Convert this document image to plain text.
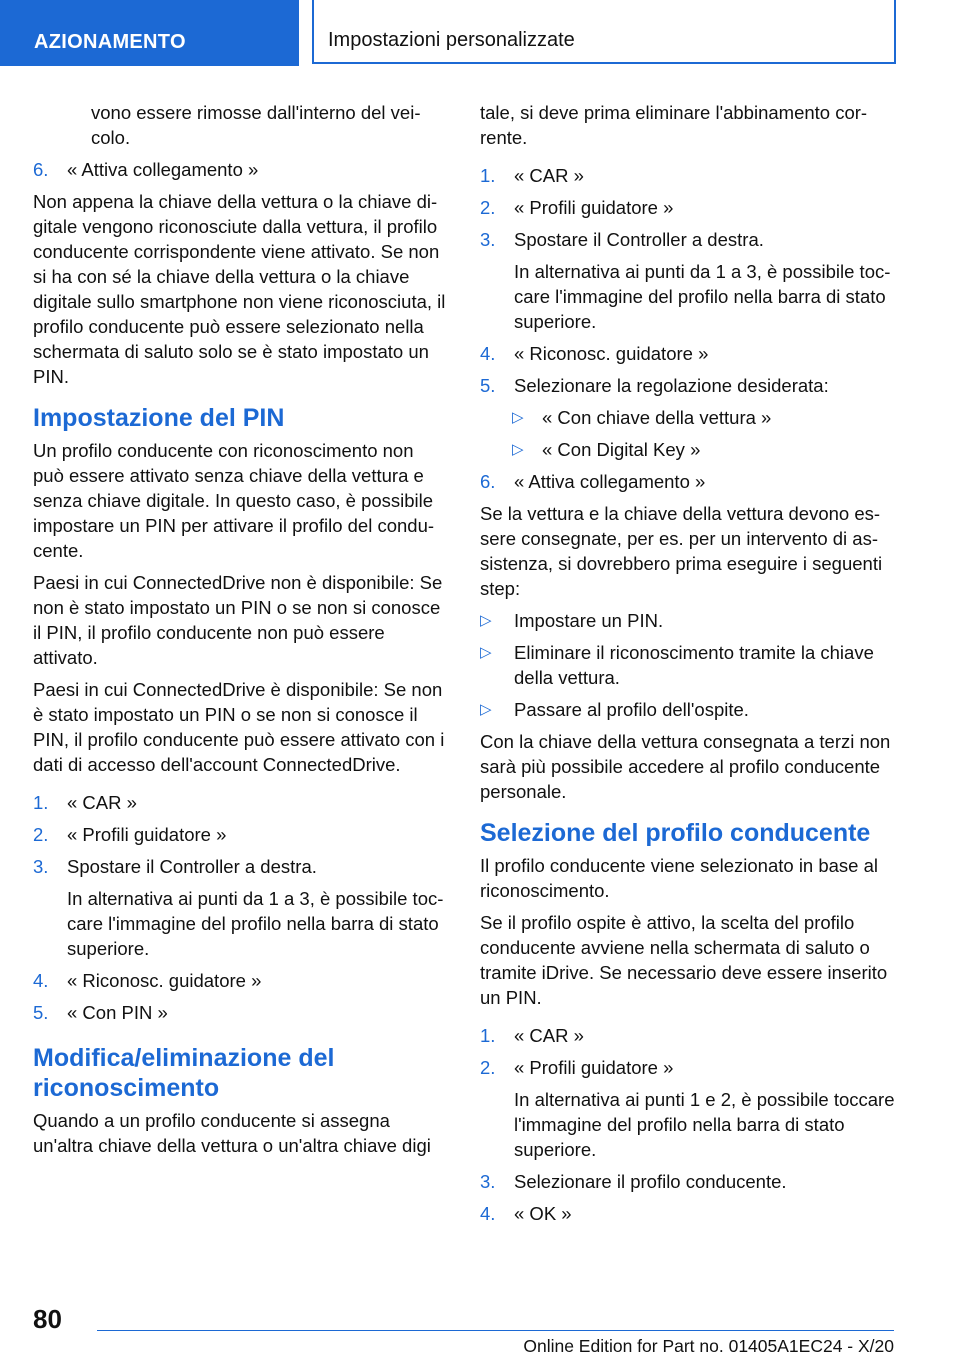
AZIONAMENTO	Impostazioni personalizzate
vono essere rimosse dall'interno del veicolo.
6. « Attiva collegamento »

Non appena la chiave della vettura o la chiave digitale vengono riconosciute dalla vettura, il profilo conducente corrispondente viene attivato. Se non si ha con sé la chiave della vettura o la chiave digitale sullo smartphone non viene riconosciuta, il profilo conducente può essere selezionato nella schermata di saluto solo se è stato impostato un PIN.

Impostazione del PIN

Un profilo conducente con riconoscimento non può essere attivato senza chiave della vettura e senza chiave digitale. In questo caso, è possibile impostare un PIN per attivare il profilo del conducente.

Paesi in cui ConnectedDrive non è disponibile: Se non è stato impostato un PIN o se non si conosce il PIN, il profilo conducente non può essere attivato.

Paesi in cui ConnectedDrive è disponibile: Se non è stato impostato un PIN o se non si conosce il PIN, il profilo conducente può essere attivato con i dati di accesso dell'account ConnectedDrive.

1. « CAR »
2. « Profili guidatore »
3. Spostare il Controller a destra.
In alternativa ai punti da 1 a 3, è possibile toccare l'immagine del profilo nella barra di stato superiore.
4. « Riconosc. guidatore »
5. « Con PIN »
Modifica/eliminazione del riconoscimento

Quando a un profilo conducente si assegna un'altra chiave della vettura o un'altra chiave digi

tale, si deve prima eliminare l'abbinamento corrente.

1. « CAR »
2. « Profili guidatore »
3. Spostare il Controller a destra.
In alternativa ai punti da 1 a 3, è possibile toccare l'immagine del profilo nella barra di stato superiore.
4. « Riconosc. guidatore »
5. Selezionare la regolazione desiderata:
▷ « Con chiave della vettura »
▷ « Con Digital Key »
6. « Attiva collegamento »

Se la vettura e la chiave della vettura devono essere consegnate, per es. per un intervento di assistenza, si dovrebbero prima eseguire i seguenti step:

▷ Impostare un PIN.
▷ Eliminare il riconoscimento tramite la chiave della vettura.
▷ Passare al profilo dell'ospite.

Con la chiave della vettura consegnata a terzi non sarà più possibile accedere al profilo conducente personale.

Selezione del profilo conducente

Il profilo conducente viene selezionato in base al riconoscimento.

Se il profilo ospite è attivo, la scelta del profilo conducente avviene nella schermata di saluto o tramite iDrive. Se necessario deve essere inserito un PIN.

1. « CAR »
2. « Profili guidatore »
In alternativa ai punti 1 e 2, è possibile toccare l'immagine del profilo nella barra di stato superiore.
3. Selezionare il profilo conducente.
4. « OK »
80
Online Edition for Part no. 01405A1EC24 - X/20
